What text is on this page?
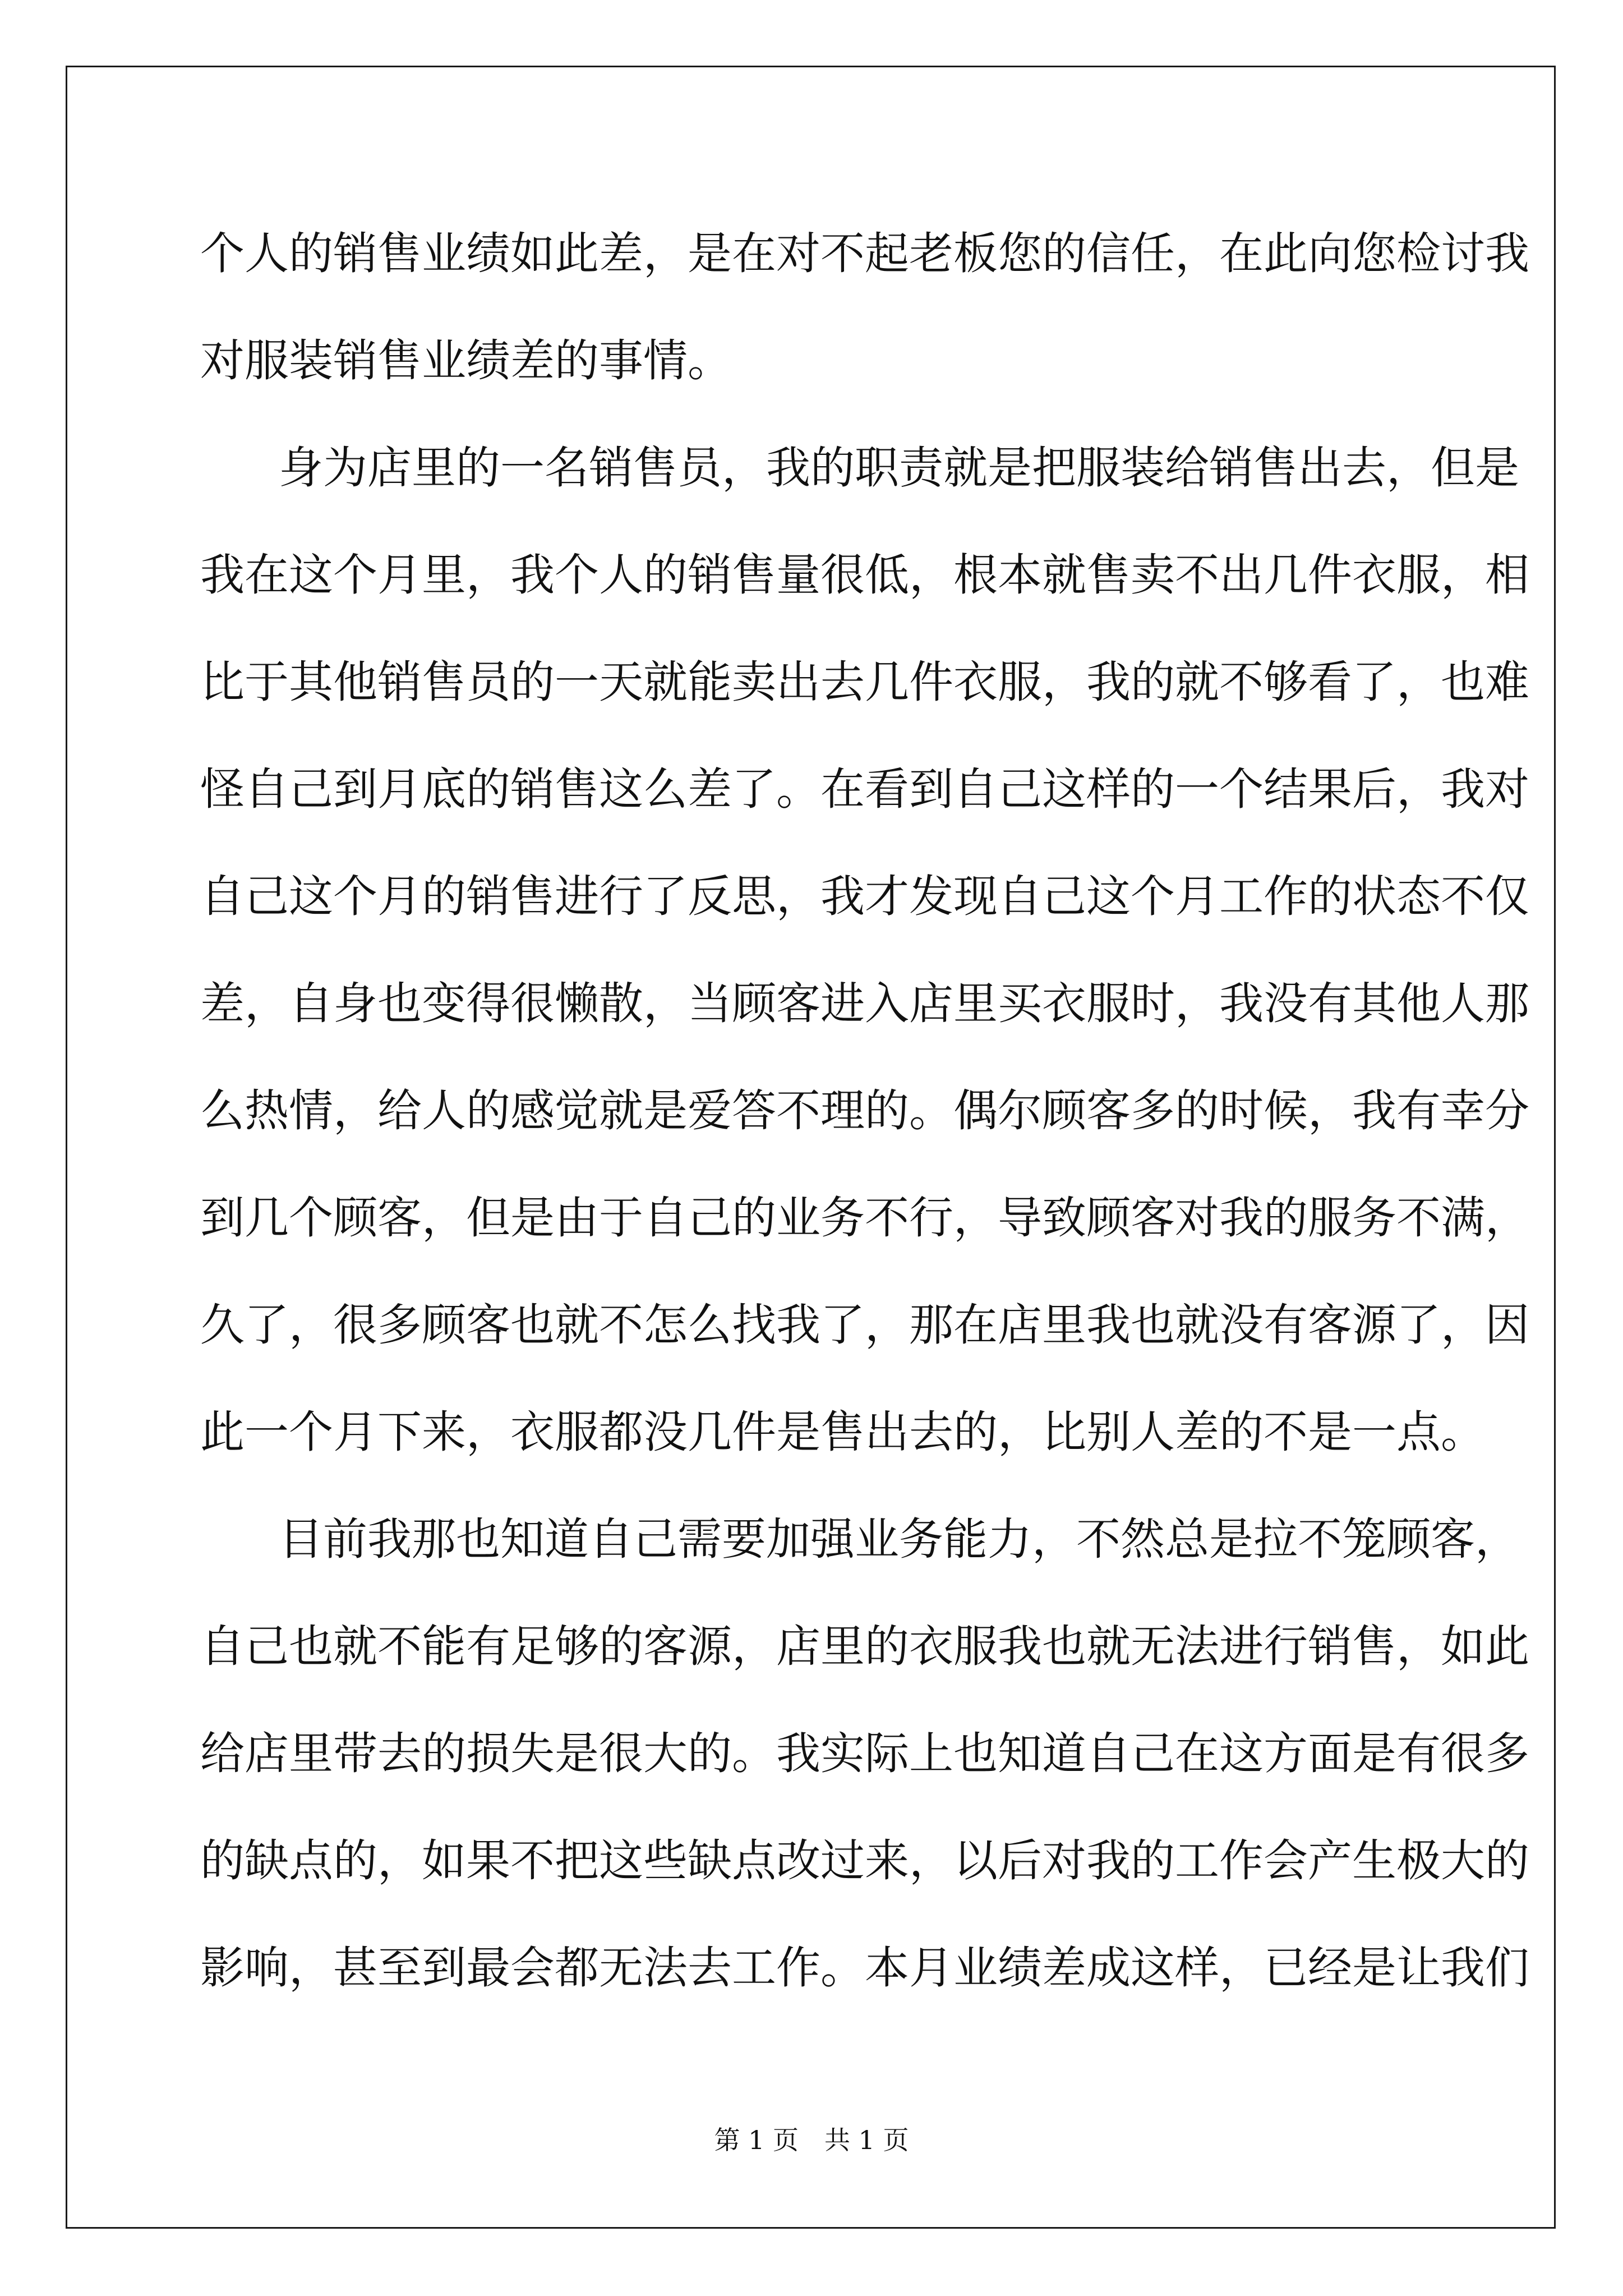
个人的销售业绩如此差，是在对不起老板您的信任，在此向您检讨我
对服装销售业绩差的事情。
身为店里的一名销售员，我的职责就是把服装给销售出去，但是
我在这个月里，我个人的销售量很低，根本就售卖不出几件衣服，相
比于其他销售员的一天就能卖出去几件衣服，我的就不够看了，也难
怪自己到月底的销售这么差了。在看到自己这样的一个结果后，我对
自己这个月的销售进行了反思，我才发现自己这个月工作的状态不仅
差，自身也变得很懒散，当顾客进入店里买衣服时，我没有其他人那
么热情，给人的感觉就是爱答不理的。偶尔顾客多的时候，我有幸分
到几个顾客，但是由于自己的业务不行，导致顾客对我的服务不满，
久了，很多顾客也就不怎么找我了，那在店里我也就没有客源了，因
此一个月下来，衣服都没几件是售出去的，比别人差的不是一点。
目前我那也知道自己需要加强业务能力，不然总是拉不笼顾客，
自己也就不能有足够的客源，店里的衣服我也就无法进行销售，如此
给店里带去的损失是很大的。我实际上也知道自己在这方面是有很多
的缺点的，如果不把这些缺点改过来，以后对我的工作会产生极大的
影响，甚至到最会都无法去工作。本月业绩差成这样，已经是让我们
第 1 页　共 1 页
